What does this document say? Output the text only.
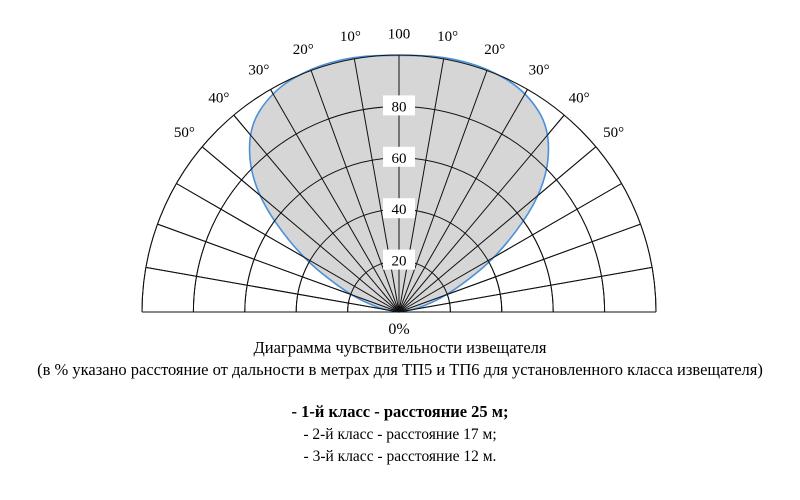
10°
10°
20°
20°
30°
30°
40°
40°
50°
50°
100
20
40
60
80
0%
Диаграмма чувствительности извещателя
(в % указано расстояние от дальности в метрах для ТП5 и ТП6 для установленного класса извещателя)
- 1-й класс - расстояние 25 м;
- 2-й класс - расстояние 17 м;
- 3-й класс - расстояние 12 м.
